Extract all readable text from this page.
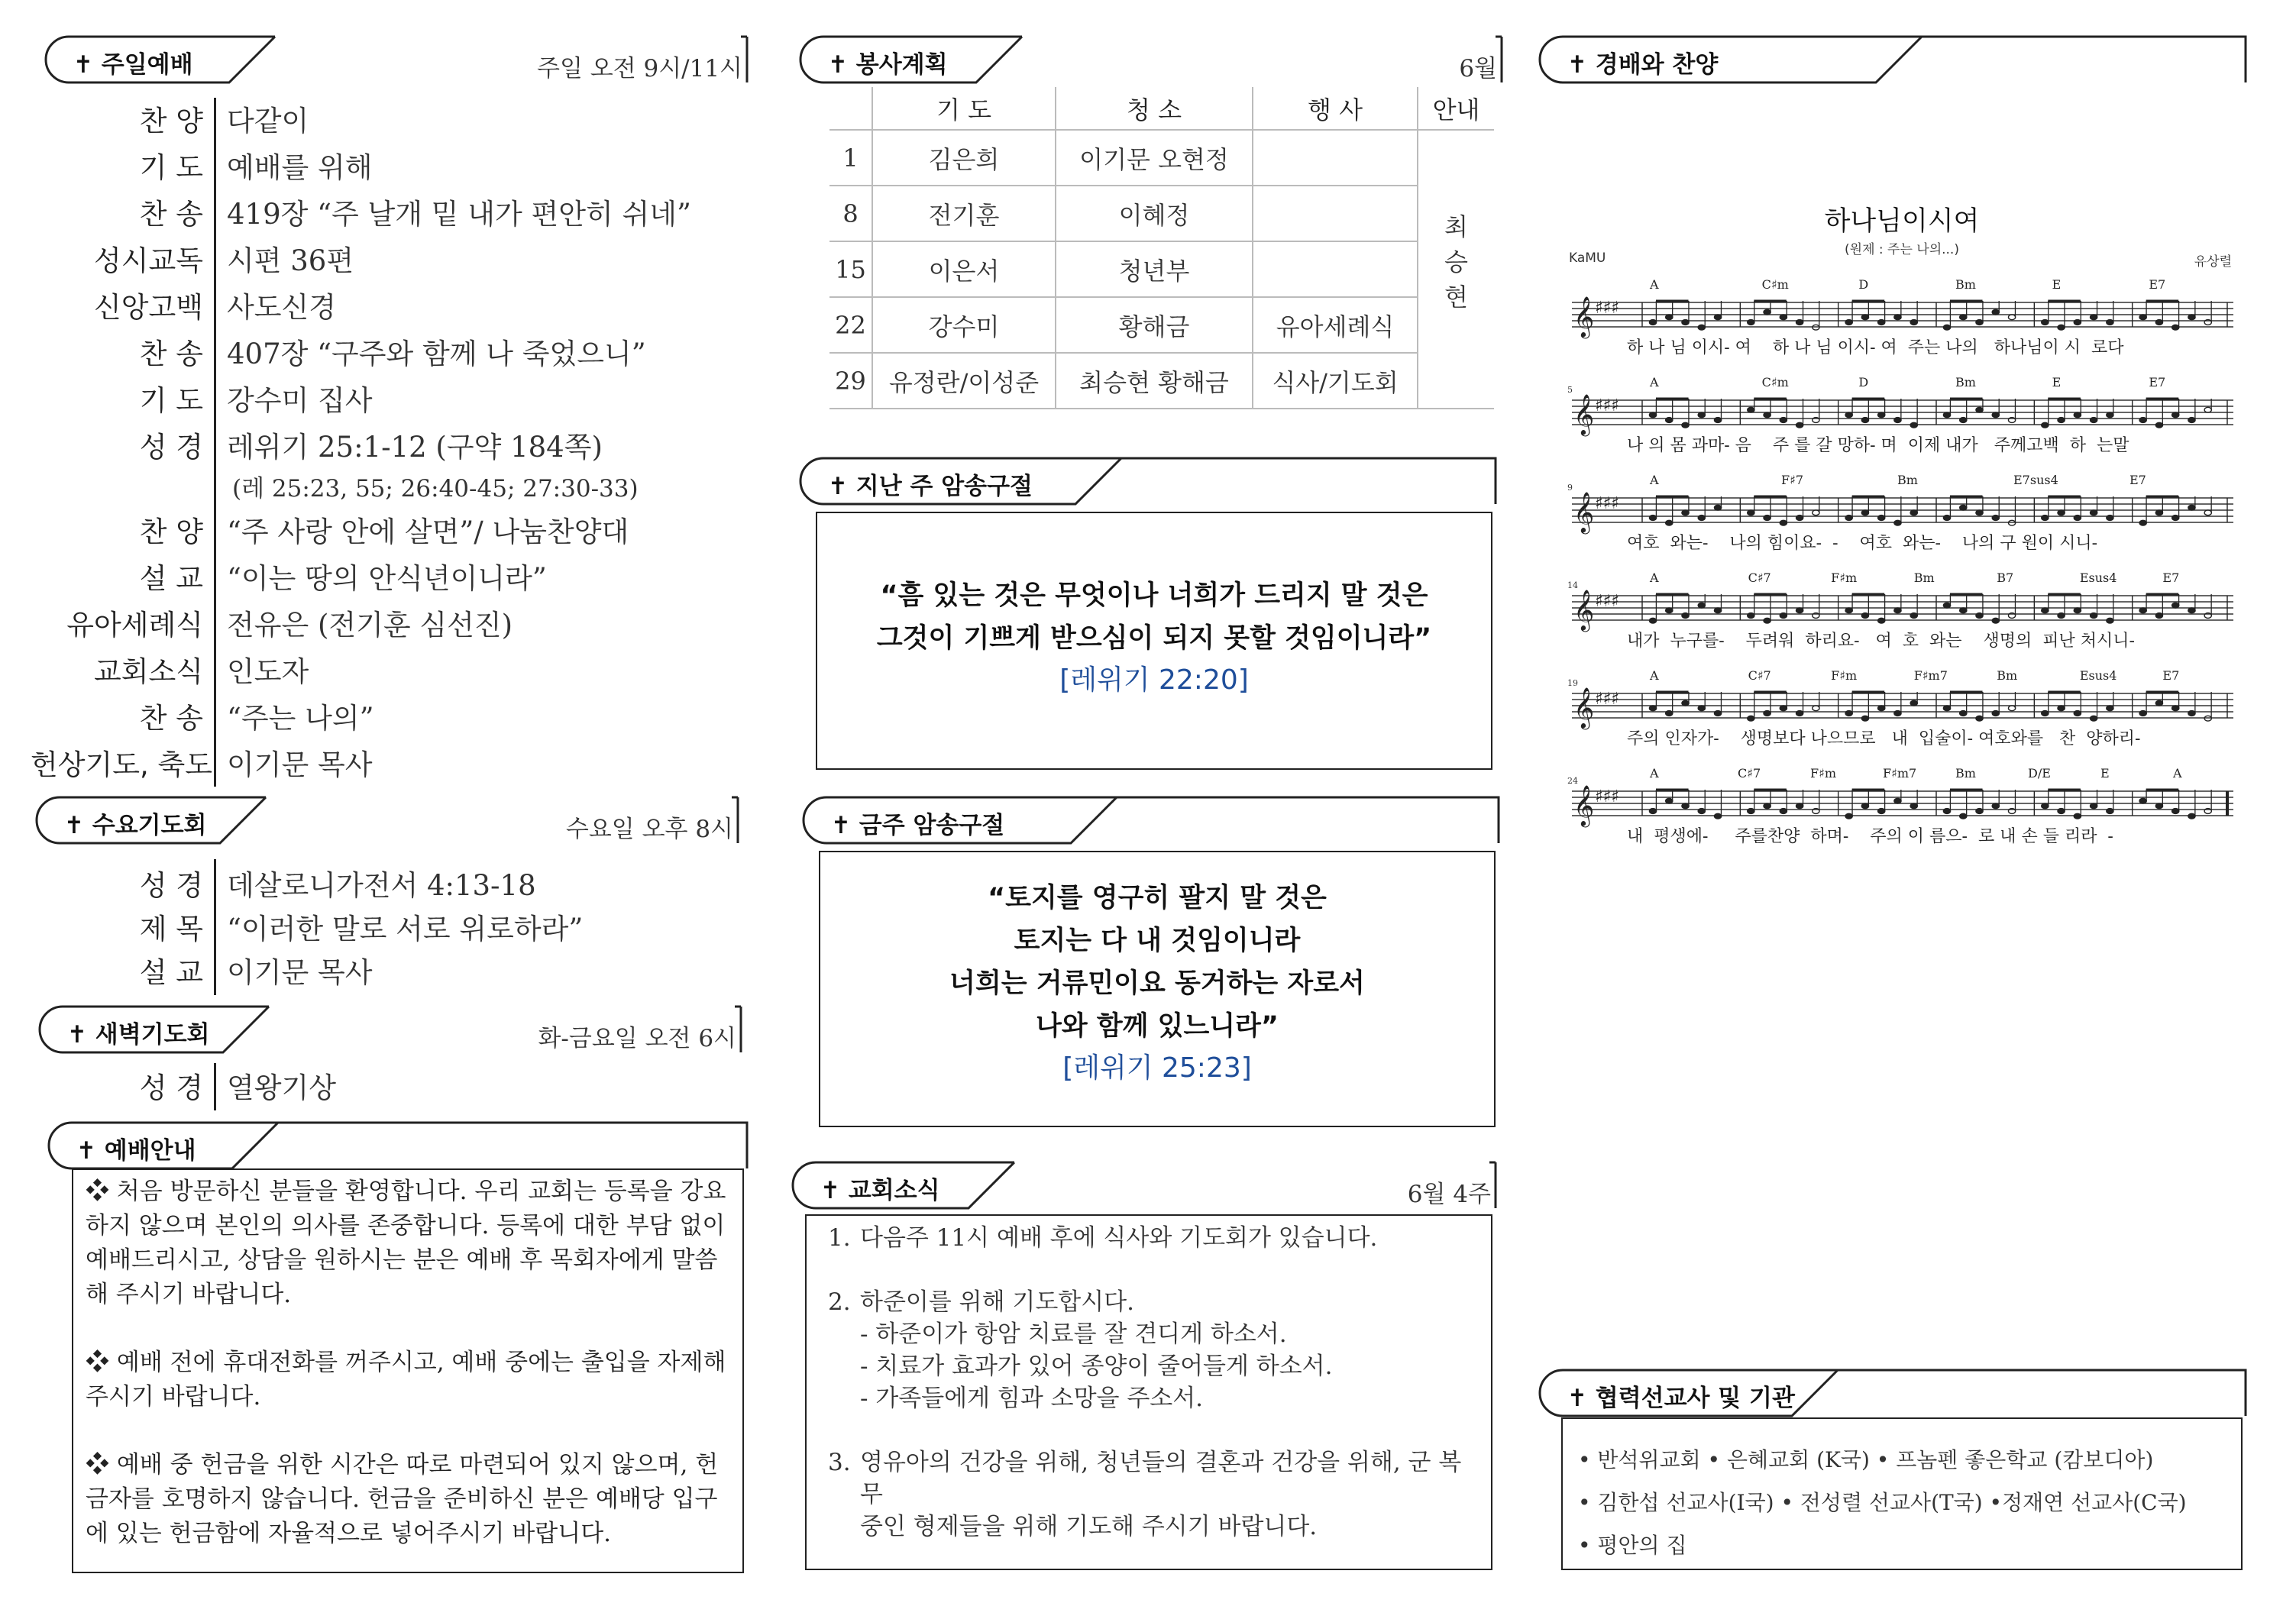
✝ 주일예배	주일 오전 9시/11시
찬 양 다같이
기 도 예배를 위해
찬 송 419장 “주 날개 밑 내가 편안히 쉬네”
성시교독 시편 36편
신앙고백 사도신경
찬 송 407장 “구주와 함께 나 죽었으니”
기 도 강수미 집사
성 경 레위기 25:1-12 (구약 184쪽)
(레 25:23, 55; 26:40-45; 27:30-33)
찬 양 “주 사랑 안에 살면”/ 나눔찬양대
설 교 “이는 땅의 안식년이니라”
유아세례식 전유은 (전기훈 심선진)
교회소식 인도자
찬 송 “주는 나의”
헌상기도, 축도 이기문 목사
✝ 수요기도회	수요일 오후 8시
성 경 데살로니가전서 4:13-18
제 목 “이러한 말로 서로 위로하라”
설 교 이기문 목사
✝ 새벽기도회	화-금요일 오전 6시
성 경 열왕기상
✝ 예배안내

❖ 처음 방문하신 분들을 환영합니다. 우리 교회는 등록을 강요하지 않으며 본인의 의사를 존중합니다. 등록에 대한 부담 없이 예배드리시고, 상담을 원하시는 분은 예배 후 목회자에게 말씀해 주시기 바랍니다.

❖ 예배 전에 휴대전화를 꺼주시고, 예배 중에는 출입을 자제해 주시기 바랍니다.

❖ 예배 중 헌금을 위한 시간은 따로 마련되어 있지 않으며, 헌금자를 호명하지 않습니다. 헌금을 준비하신 분은 예배당 입구에 있는 헌금함에 자율적으로 넣어주시기 바랍니다.

✝ 봉사계획	6월
	기 도	청 소	행 사	안내
1	김은희	이기문 오현정		최
승
현

8	전기훈	이혜정		
15	이은서	청년부		
22	강수미	황해금	유아세례식	
29	유정란/이성준	최승현 황해금	식사/기도회	
✝ 지난 주 암송구절
“흠 있는 것은 무엇이나 너희가 드리지 말 것은
그것이 기쁘게 받으심이 되지 못할 것임이니라”
[레위기 22:20]
✝ 금주 암송구절
“토지를 영구히 팔지 말 것은
토지는 다 내 것임이니라
너희는 거류민이요 동거하는 자로서
나와 함께 있느니라”
[레위기 25:23]
✝ 교회소식	6월 4주
1. 다음주 11시 예배 후에 식사와 기도회가 있습니다.
2. 하준이를 위해 기도합시다.
- 하준이가 항암 치료를 잘 견디게 하소서.
- 치료가 효과가 있어 종양이 줄어들게 하소서.
- 가족들에게 힘과 소망을 주소서.
3. 영유아의 건강을 위해, 청년들의 결혼과 건강을 위해, 군 복무
중인 형제들을 위해 기도해 주시기 바랍니다.
✝ 경배와 찬양
하나님이시여
(원제 : 주는 나의...)
KaMU	유상렬
𝄞 ♯♯♯
A	C♯m	D	Bm	E	E7
하 나 님 이시- 여    하 나 님 이시- 여  주는 나의   하나님이 시  로다
𝄞 ♯♯♯
5
A	C♯m	D	Bm	E	E7
나 의 몸 과마- 음    주 를 갈 망하- 며  이제 내가   주께고백  하  는말
𝄞 ♯♯♯
9
A	F♯7	Bm	E7sus4	E7
여호  와는-    나의 힘이요-  -    여호  와는-    나의 구 원이 시니-
𝄞 ♯♯♯
14
A	C♯7	F♯m	Bm	B7	Esus4	E7
내가  누구를-    두려워  하리요-   여  호  와는    생명의  피난 처시니-
𝄞 ♯♯♯
19
A	C♯7	F♯m	F♯m7	Bm	Esus4	E7
주의 인자가-    생명보다 나으므로   내  입술이- 여호와를   찬  양하리-
𝄞 ♯♯♯
24
A	C♯7	F♯m	F♯m7	Bm	D/E	E	A
내  평생에-     주를찬양  하며-    주의 이 름으-  로 내 손 들 리라  -
✝ 협력선교사 및 기관
• 반석위교회 • 은혜교회 (K국) • 프놈펜 좋은학교 (캄보디아)
• 김한섭 선교사(I국) • 전성렬 선교사(T국) •정재연 선교사(C국)
• 평안의 집
